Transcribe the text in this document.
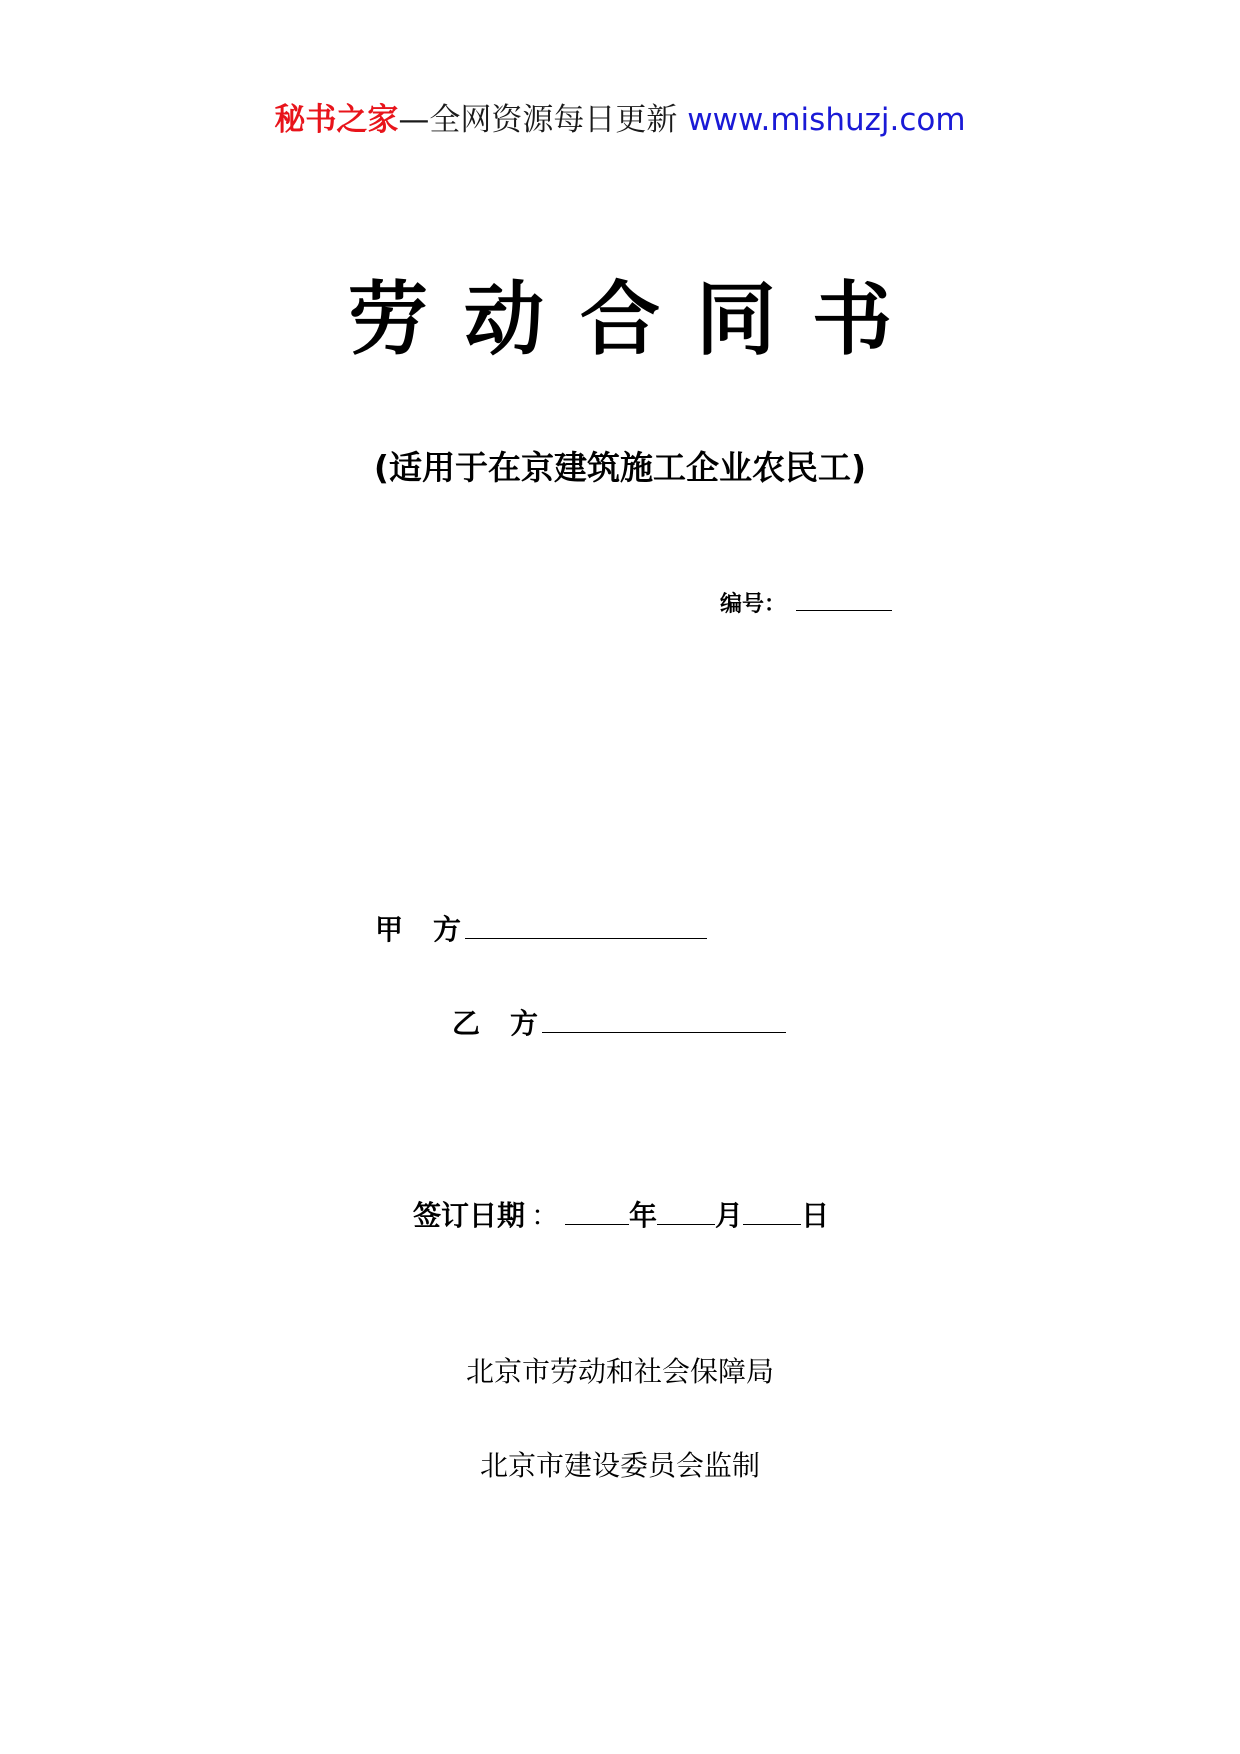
秘书之家—全网资源每日更新 www.mishuzj.com
劳动合同书
(适用于在京建筑施工企业农民工)
编号：
甲 方
乙 方
签订日期 ：	年 月 日
北京市劳动和社会保障局
北京市建设委员会监制
